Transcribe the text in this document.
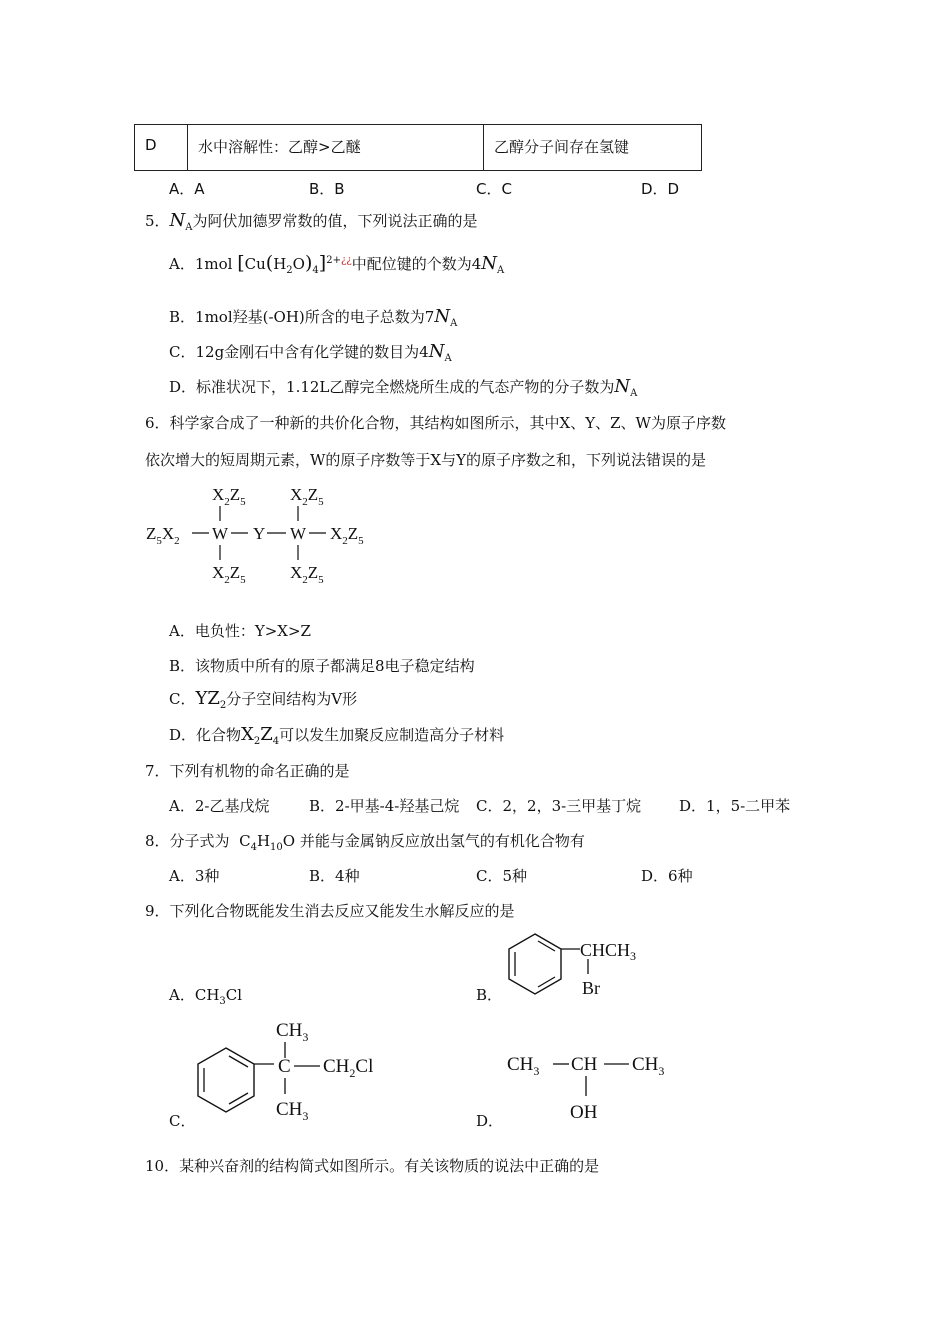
D	水中溶解性：乙醇>乙醚	乙醇分子间存在氢键
A．A	B．B	C．C	D．D
5．$N_A$为阿伏加德罗常数的值，下列说法正确的是
A．1mol $[Cu(H_2O)_4]^{2+¿¿}$中配位键的个数为$4N_A$
B．1mol羟基(-OH)所含的电子总数为$7N_A$
C．12g金刚石中含有化学键的数目为$4N_A$
D．标准状况下，1.12L乙醇完全燃烧所生成的气态产物的分子数为$N_A$
6．科学家合成了一种新的共价化合物，其结构如图所示，其中X、Y、Z、W为原子序数
依次增大的短周期元素，W的原子序数等于X与Y的原子序数之和，下列说法错误的是
$X_2Z_5$	$X_2Z_5$
$Z_5X_2$ W Y W $X_2Z_5$
$X_2Z_5$	$X_2Z_5$
A．电负性：Y>X>Z
B．该物质中所有的原子都满足8电子稳定结构
C．$YZ_2$分子空间结构为V形
D．化合物$X_2Z_4$可以发生加聚反应制造高分子材料
7．下列有机物的命名正确的是
A．2-乙基戊烷	B．2-甲基-4-羟基己烷 C．2，2，3-三甲基丁烷	D．1，5-二甲苯
8．分子式为 $C_4H_{10}O$ 并能与金属钠反应放出氢气的有机化合物有
A．3种	B．4种	C．5种	D．6种
9．下列化合物既能发生消去反应又能发生水解反应的是
A．$CH_3Cl$	B．
$CHCH_3$
Br
C．
$CH_3$
C $CH_2Cl$
$CH_3$	D．
$CH_3$ CH $CH_3$
OH
10．某种兴奋剂的结构简式如图所示。有关该物质的说法中正确的是
